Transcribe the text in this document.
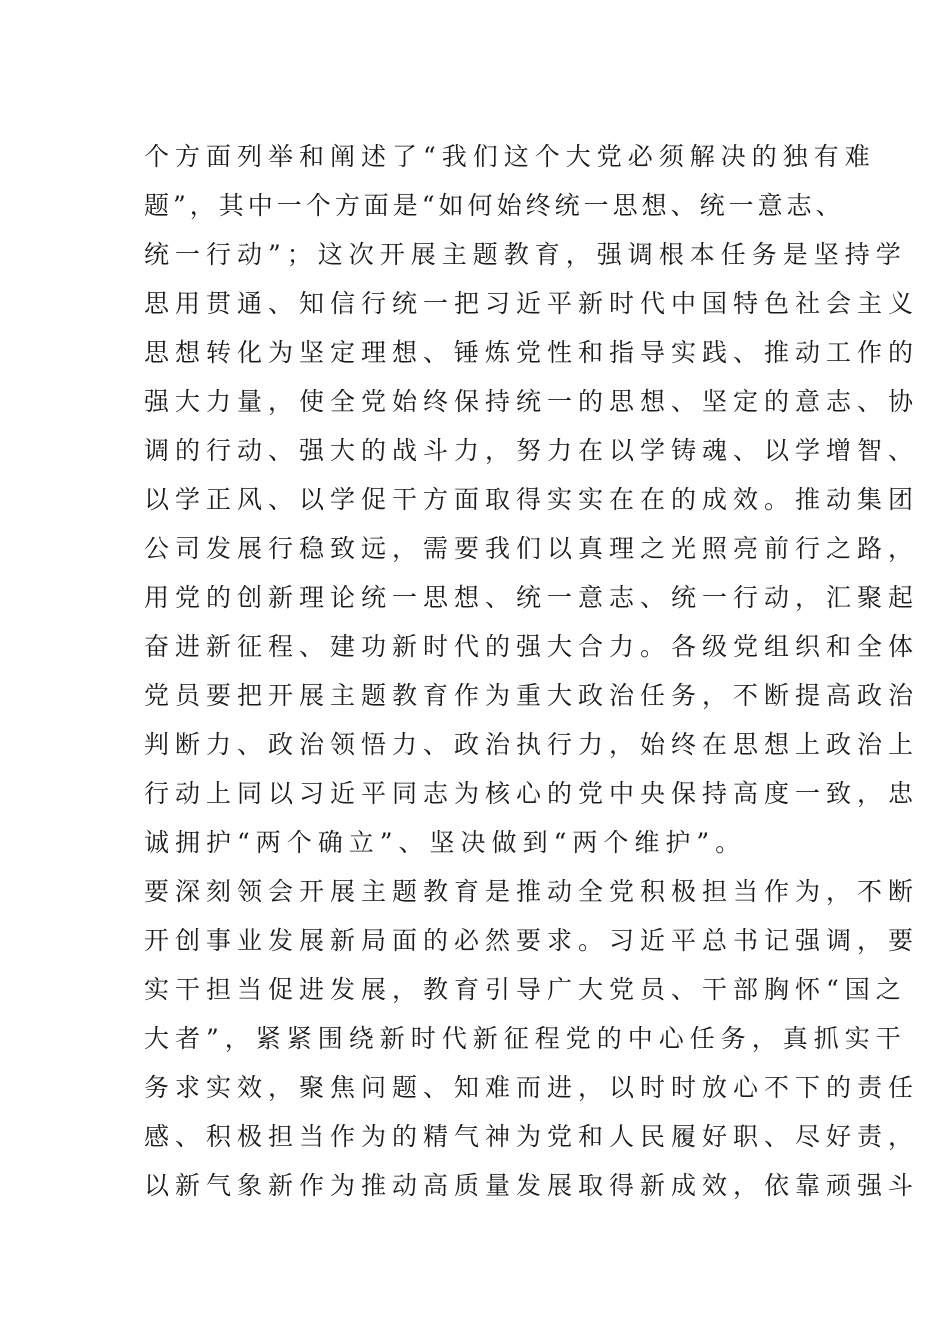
个方面列举和阐述了“我们这个大党必须解决的独有难
题”，其中一个方面是“如何始终统一思想、统一意志、
统一行动”；这次开展主题教育，强调根本任务是坚持学
思用贯通、知信行统一把习近平新时代中国特色社会主义
思想转化为坚定理想、锤炼党性和指导实践、推动工作的
强大力量，使全党始终保持统一的思想、坚定的意志、协
调的行动、强大的战斗力，努力在以学铸魂、以学增智、
以学正风、以学促干方面取得实实在在的成效。推动集团
公司发展行稳致远，需要我们以真理之光照亮前行之路，
用党的创新理论统一思想、统一意志、统一行动，汇聚起
奋进新征程、建功新时代的强大合力。各级党组织和全体
党员要把开展主题教育作为重大政治任务，不断提高政治
判断力、政治领悟力、政治执行力，始终在思想上政治上
行动上同以习近平同志为核心的党中央保持高度一致，忠
诚拥护“两个确立”、坚决做到“两个维护”。
要深刻领会开展主题教育是推动全党积极担当作为，不断
开创事业发展新局面的必然要求。习近平总书记强调，要
实干担当促进发展，教育引导广大党员、干部胸怀“国之
大者”，紧紧围绕新时代新征程党的中心任务，真抓实干
务求实效，聚焦问题、知难而进，以时时放心不下的责任
感、积极担当作为的精气神为党和人民履好职、尽好责，
以新气象新作为推动高质量发展取得新成效，依靠顽强斗
